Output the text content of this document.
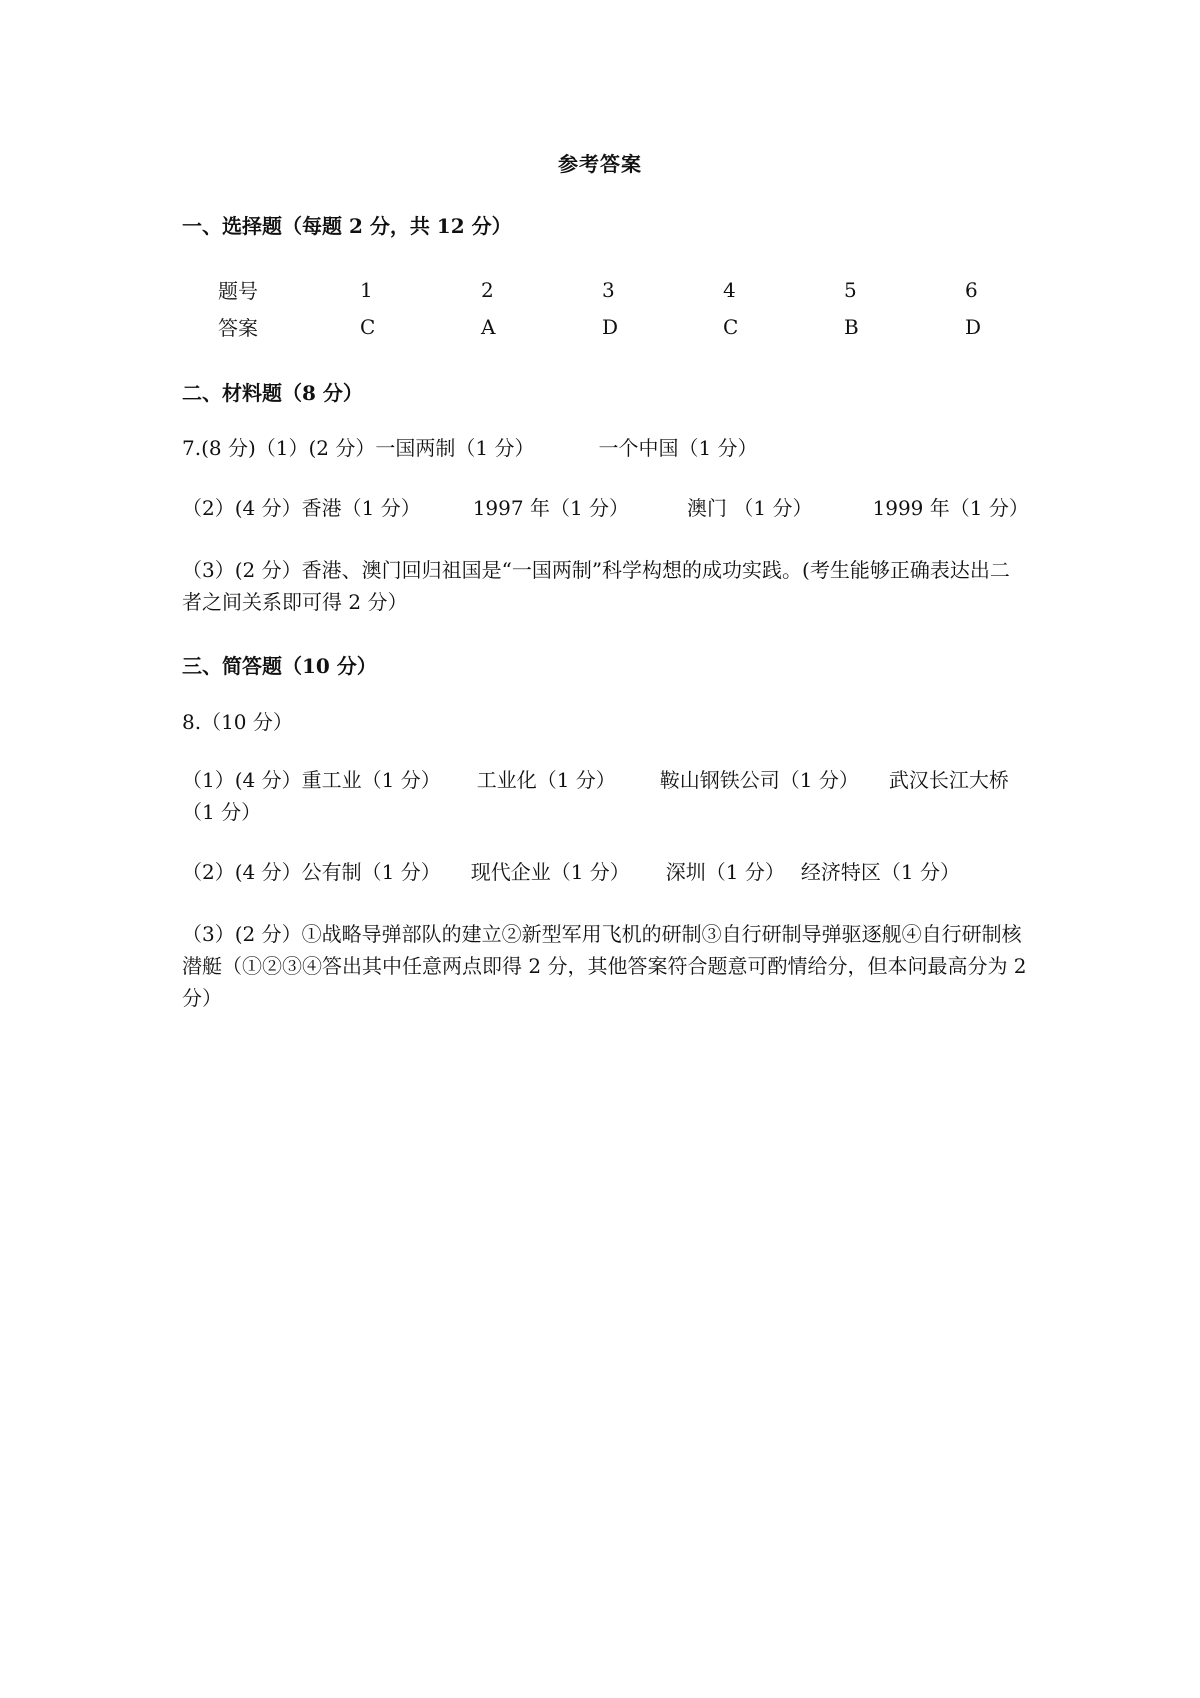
参考答案
一、选择题（每题 2 分，共 12 分）
题号	1	2	3	4	5	6
答案	C	A	D	C	B	D
二、材料题（8 分）
7.(8 分)（1）(2 分）一国两制（1 分）	一个中国（1 分）
（2）(4 分）香港（1 分）	1997 年（1 分）	澳门 （1 分）	1999 年（1 分）
（3）(2 分）香港、澳门回归祖国是“一国两制”科学构想的成功实践。(考生能够正确表达出二者之间关系即可得 2 分）
三、简答题（10 分）
8.（10 分）
（1）(4 分）重工业（1 分） 工业化（1 分） 鞍山钢铁公司（1 分） 武汉长江大桥 （1 分）
（2）(4 分）公有制（1 分） 现代企业（1 分） 深圳（1 分） 经济特区（1 分）
（3）(2 分）①战略导弹部队的建立②新型军用飞机的研制③自行研制导弹驱逐舰④自行研制核潜艇（①②③④答出其中任意两点即得 2 分，其他答案符合题意可酌情给分，但本问最高分为 2 分）
